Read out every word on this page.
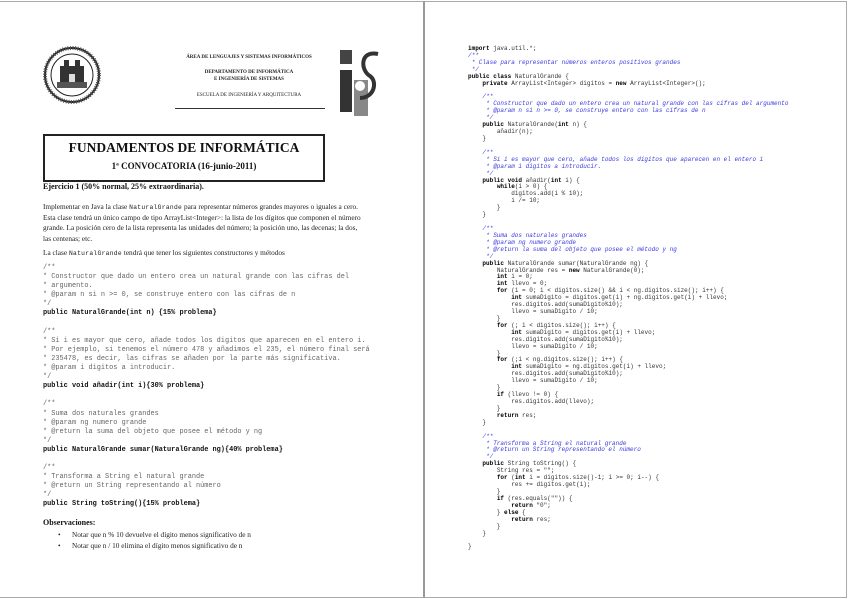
ÁREA DE LENGUAJES Y SISTEMAS INFORMÁTICOS
DEPARTAMENTO DE INFORMÁTICA
E INGENIERÍA DE SISTEMAS
ESCUELA DE INGENIERÍA Y ARQUITECTURA
FUNDAMENTOS DE INFORMÁTICA
1ª CONVOCATORIA (16-junio-2011)
Ejercicio 1 (50% normal, 25% extraordinaria).
Implementar en Java la clase NaturalGrande para representar números grandes mayores o iguales a cero.
Esta clase tendrá un único campo de tipo ArrayList<Integer>: la lista de los dígitos que componen el número
grande. La posición cero de la lista representa las unidades del número; la posición uno, las decenas; la dos,
las centenas; etc.
La clase NaturalGrande tendrá que tener los siguientes constructores y métodos
/**
* Constructor que dado un entero crea un natural grande con las cifras del
* argumento.
* @param n si n >= 0, se construye entero con las cifras de n
*/
public NaturalGrande(int n) {15% problema}
/**
* Si i es mayor que cero, añade todos los digitos que aparecen en el entero i.
* Por ejemplo, si tenemos el número 478 y añadimos el 235, el número final será
* 235478, es decir, las cifras se añaden por la parte más significativa.
* @param i digitos a introducir.
*/
public void añadir(int i){30% problema}
/**
* Suma dos naturales grandes
* @param ng numero grande
* @return la suma del objeto que posee el método y ng
*/
public NaturalGrande sumar(NaturalGrande ng){40% problema}
/**
* Transforma a String el natural grande
* @return un String representando al número
*/
public String toString(){15% problema}
Observaciones:
• Notar que n % 10 devuelve el dígito menos significativo de n
• Notar que n / 10 elimina el dígito menos significativo de n
import java.util.*;
/**
* Clase para representar números enteros positivos grandes
*/
public class NaturalGrande {
private ArrayList<Integer> digitos = new ArrayList<Integer>();
/**
* Constructor que dado un entero crea un natural grande con las cifras del argumento
* @param n si n >= 0, se construye entero con las cifras de n
*/
public NaturalGrande(int n) {
añadir(n);
}
/**
* Si i es mayor que cero, añade todos los digitos que aparecen en el entero i
* @param i digitos a introducir.
*/
public void añadir(int i) {
while(i > 0) {
digitos.add(i % 10);
i /= 10;
}
}
/**
* Suma dos naturales grandes
* @param ng numero grande
* @return la suma del objeto que posee el método y ng
*/
public NaturalGrande sumar(NaturalGrande ng) {
NaturalGrande res = new NaturalGrande(0);
int i = 0;
int llevo = 0;
for (i = 0; i < digitos.size() && i < ng.digitos.size(); i++) {
int sumaDigito = digitos.get(i) + ng.digitos.get(i) + llevo;
res.digitos.add(sumaDigito%10);
llevo = sumaDigito / 10;
}
for (; i < digitos.size(); i++) {
int sumaDigito = digitos.get(i) + llevo;
res.digitos.add(sumaDigito%10);
llevo = sumaDigito / 10;
}
for (;i < ng.digitos.size(); i++) {
int sumaDigito = ng.digitos.get(i) + llevo;
res.digitos.add(sumaDigito%10);
llevo = sumaDigito / 10;
}
if (llevo != 0) {
res.digitos.add(llevo);
}
return res;
}
/**
* Transforma a String el natural grande
* @return un String representando el número
*/
public String toString() {
String res = "";
for (int i = digitos.size()-1; i >= 0; i--) {
res += digitos.get(i);
}
if (res.equals("")) {
return "0";
} else {
return res;
}
}
}
